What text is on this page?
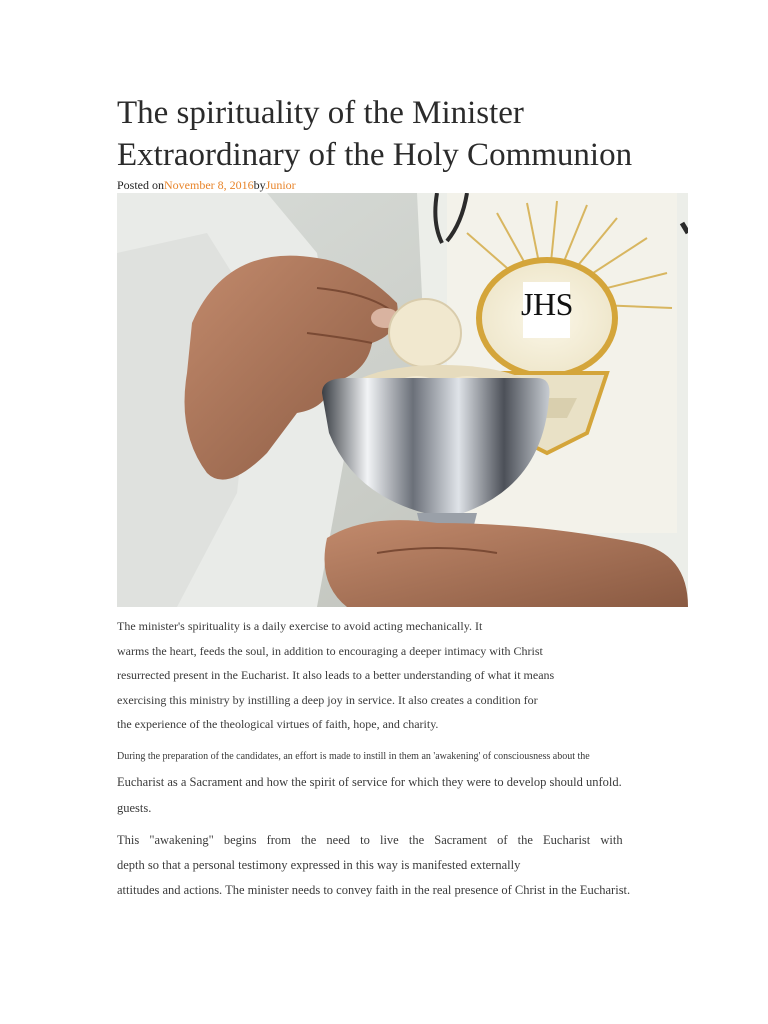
The spirituality of the Minister
Extraordinary of the Holy Communion
Posted onNovember 8, 2016byJunior
JHS
The minister's spirituality is a daily exercise to avoid acting mechanically. It
warms the heart, feeds the soul, in addition to encouraging a deeper intimacy with Christ
resurrected present in the Eucharist. It also leads to a better understanding of what it means
exercising this ministry by instilling a deep joy in service. It also creates a condition for
the experience of the theological virtues of faith, hope, and charity.
During the preparation of the candidates, an effort is made to instill in them an 'awakening' of consciousness about the
Eucharist as a Sacrament and how the spirit of service for which they were to develop should unfold.
guests.
This "awakening" begins from the need to live the Sacrament of the Eucharist with
depth so that a personal testimony expressed in this way is manifested externally
attitudes and actions. The minister needs to convey faith in the real presence of Christ in the Eucharist.
